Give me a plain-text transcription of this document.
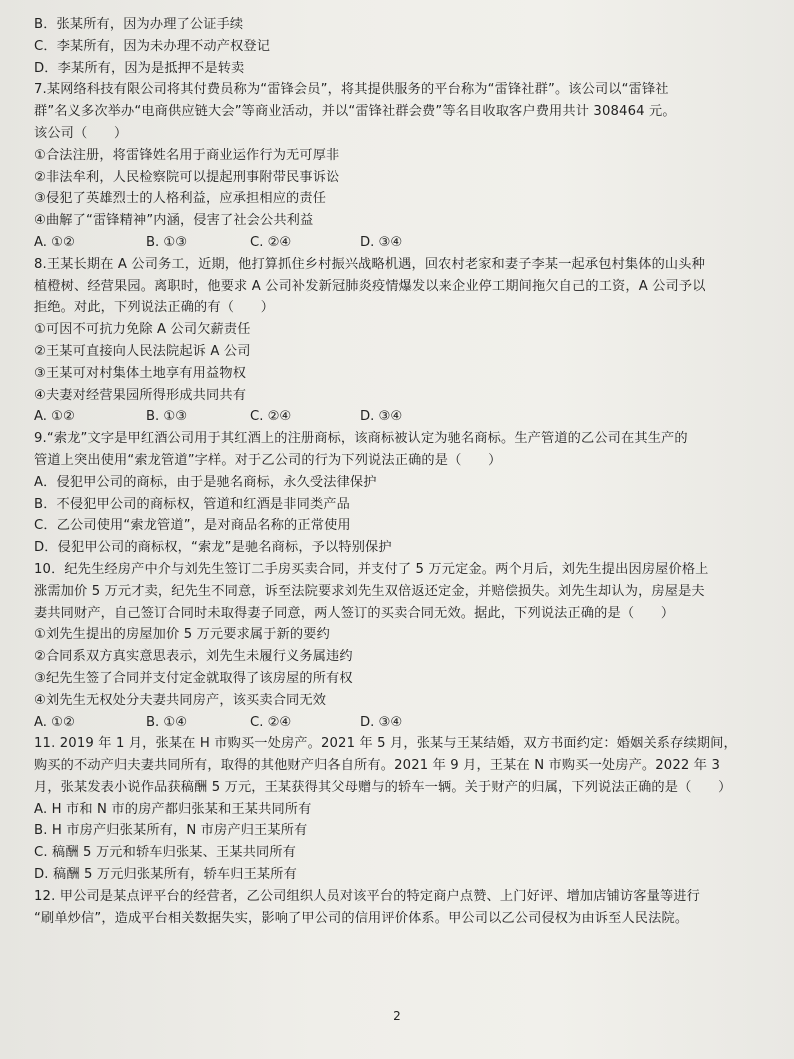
B．张某所有，因为办理了公证手续
C．李某所有，因为未办理不动产权登记
D．李某所有，因为是抵押不是转卖
7.某网络科技有限公司将其付费员称为“雷锋会员”，将其提供服务的平台称为“雷锋社群”。该公司以“雷锋社
群”名义多次举办“电商供应链大会”等商业活动，并以“雷锋社群会费”等名目收取客户费用共计 308464 元。
该公司（　　）
①合法注册，将雷锋姓名用于商业运作行为无可厚非
②非法牟利，人民检察院可以提起刑事附带民事诉讼
③侵犯了英雄烈士的人格利益，应承担相应的责任
④曲解了“雷锋精神”内涵，侵害了社会公共利益
A. ①②	B. ①③	C. ②④	D. ③④
8.王某长期在 A 公司务工，近期，他打算抓住乡村振兴战略机遇，回农村老家和妻子李某一起承包村集体的山头种
植橙树、经营果园。离职时，他要求 A 公司补发新冠肺炎疫情爆发以来企业停工期间拖欠自己的工资，A 公司予以
拒绝。对此，下列说法正确的有（　　）
①可因不可抗力免除 A 公司欠薪责任
②王某可直接向人民法院起诉 A 公司
③王某可对村集体土地享有用益物权
④夫妻对经营果园所得形成共同共有
A. ①②	B. ①③	C. ②④	D. ③④
9.“索龙”文字是甲红酒公司用于其红酒上的注册商标，该商标被认定为驰名商标。生产管道的乙公司在其生产的
管道上突出使用“索龙管道”字样。对于乙公司的行为下列说法正确的是（　　）
A．侵犯甲公司的商标，由于是驰名商标，永久受法律保护
B．不侵犯甲公司的商标权，管道和红酒是非同类产品
C．乙公司使用“索龙管道”，是对商品名称的正常使用
D．侵犯甲公司的商标权，“索龙”是驰名商标，予以特别保护
10．纪先生经房产中介与刘先生签订二手房买卖合同，并支付了 5 万元定金。两个月后，刘先生提出因房屋价格上
涨需加价 5 万元才卖，纪先生不同意，诉至法院要求刘先生双倍返还定金，并赔偿损失。刘先生却认为，房屋是夫
妻共同财产，自己签订合同时未取得妻子同意，两人签订的买卖合同无效。据此，下列说法正确的是（　　）
①刘先生提出的房屋加价 5 万元要求属于新的要约
②合同系双方真实意思表示，刘先生未履行义务属违约
③纪先生签了合同并支付定金就取得了该房屋的所有权
④刘先生无权处分夫妻共同房产，该买卖合同无效
A. ①②	B. ①④	C. ②④	D. ③④
11. 2019 年 1 月，张某在 H 市购买一处房产。2021 年 5 月，张某与王某结婚，双方书面约定：婚姻关系存续期间，
购买的不动产归夫妻共同所有，取得的其他财产归各自所有。2021 年 9 月，王某在 N 市购买一处房产。2022 年 3
月，张某发表小说作品获稿酬 5 万元，王某获得其父母赠与的轿车一辆。关于财产的归属，下列说法正确的是（　　）
A. H 市和 N 市的房产都归张某和王某共同所有
B. H 市房产归张某所有，N 市房产归王某所有
C. 稿酬 5 万元和轿车归张某、王某共同所有
D. 稿酬 5 万元归张某所有，轿车归王某所有
12. 甲公司是某点评平台的经营者，乙公司组织人员对该平台的特定商户点赞、上门好评、增加店铺访客量等进行
“刷单炒信”，造成平台相关数据失实，影响了甲公司的信用评价体系。甲公司以乙公司侵权为由诉至人民法院。
2
